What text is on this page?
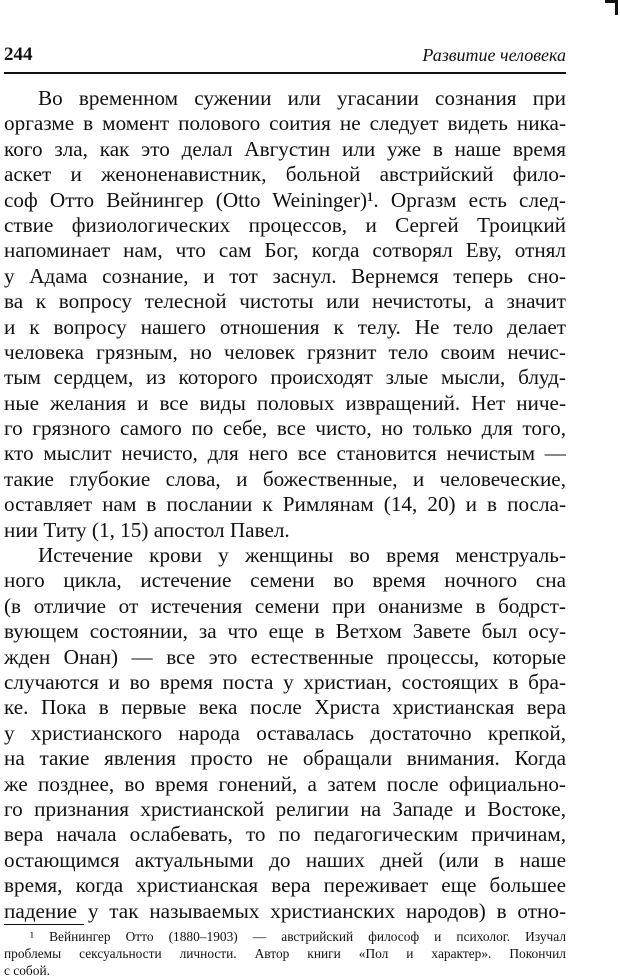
244	Развитие человека
Во временном сужении или угасании сознания при
оргазме в момент полового соития не следует видеть ника-
кого зла, как это делал Августин или уже в наше время
аскет и женоненавистник, больной австрийский фило-
соф Отто Вейнингер (Otto Weininger)¹. Оргазм есть след-
ствие физиологических процессов, и Сергей Троицкий
напоминает нам, что сам Бог, когда сотворял Еву, отнял
у Адама сознание, и тот заснул. Вернемся теперь сно-
ва к вопросу телесной чистоты или нечистоты, а значит
и к вопросу нашего отношения к телу. Не тело делает
человека грязным, но человек грязнит тело своим нечис-
тым сердцем, из которого происходят злые мысли, блуд-
ные желания и все виды половых извращений. Нет ниче-
го грязного самого по себе, все чисто, но только для того,
кто мыслит нечисто, для него все становится нечистым —
такие глубокие слова, и божественные, и человеческие,
оставляет нам в послании к Римлянам (14, 20) и в посла-
нии Титу (1, 15) апостол Павел.
Истечение крови у женщины во время менструаль-
ного цикла, истечение семени во время ночного сна
(в отличие от истечения семени при онанизме в бодрст-
вующем состоянии, за что еще в Ветхом Завете был осу-
жден Онан) — все это естественные процессы, которые
случаются и во время поста у христиан, состоящих в бра-
ке. Пока в первые века после Христа христианская вера
у христианского народа оставалась достаточно крепкой,
на такие явления просто не обращали внимания. Когда
же позднее, во время гонений, а затем после официально-
го признания христианской религии на Западе и Востоке,
вера начала ослабевать, то по педагогическим причинам,
остающимся актуальными до наших дней (или в наше
время, когда христианская вера переживает еще большее
падение у так называемых христианских народов) в отно-
¹ Вейнингер Отто (1880–1903) — австрийский философ и психолог. Изучал
проблемы сексуальности личности. Автор книги «Пол и характер». Покончил
с собой.
